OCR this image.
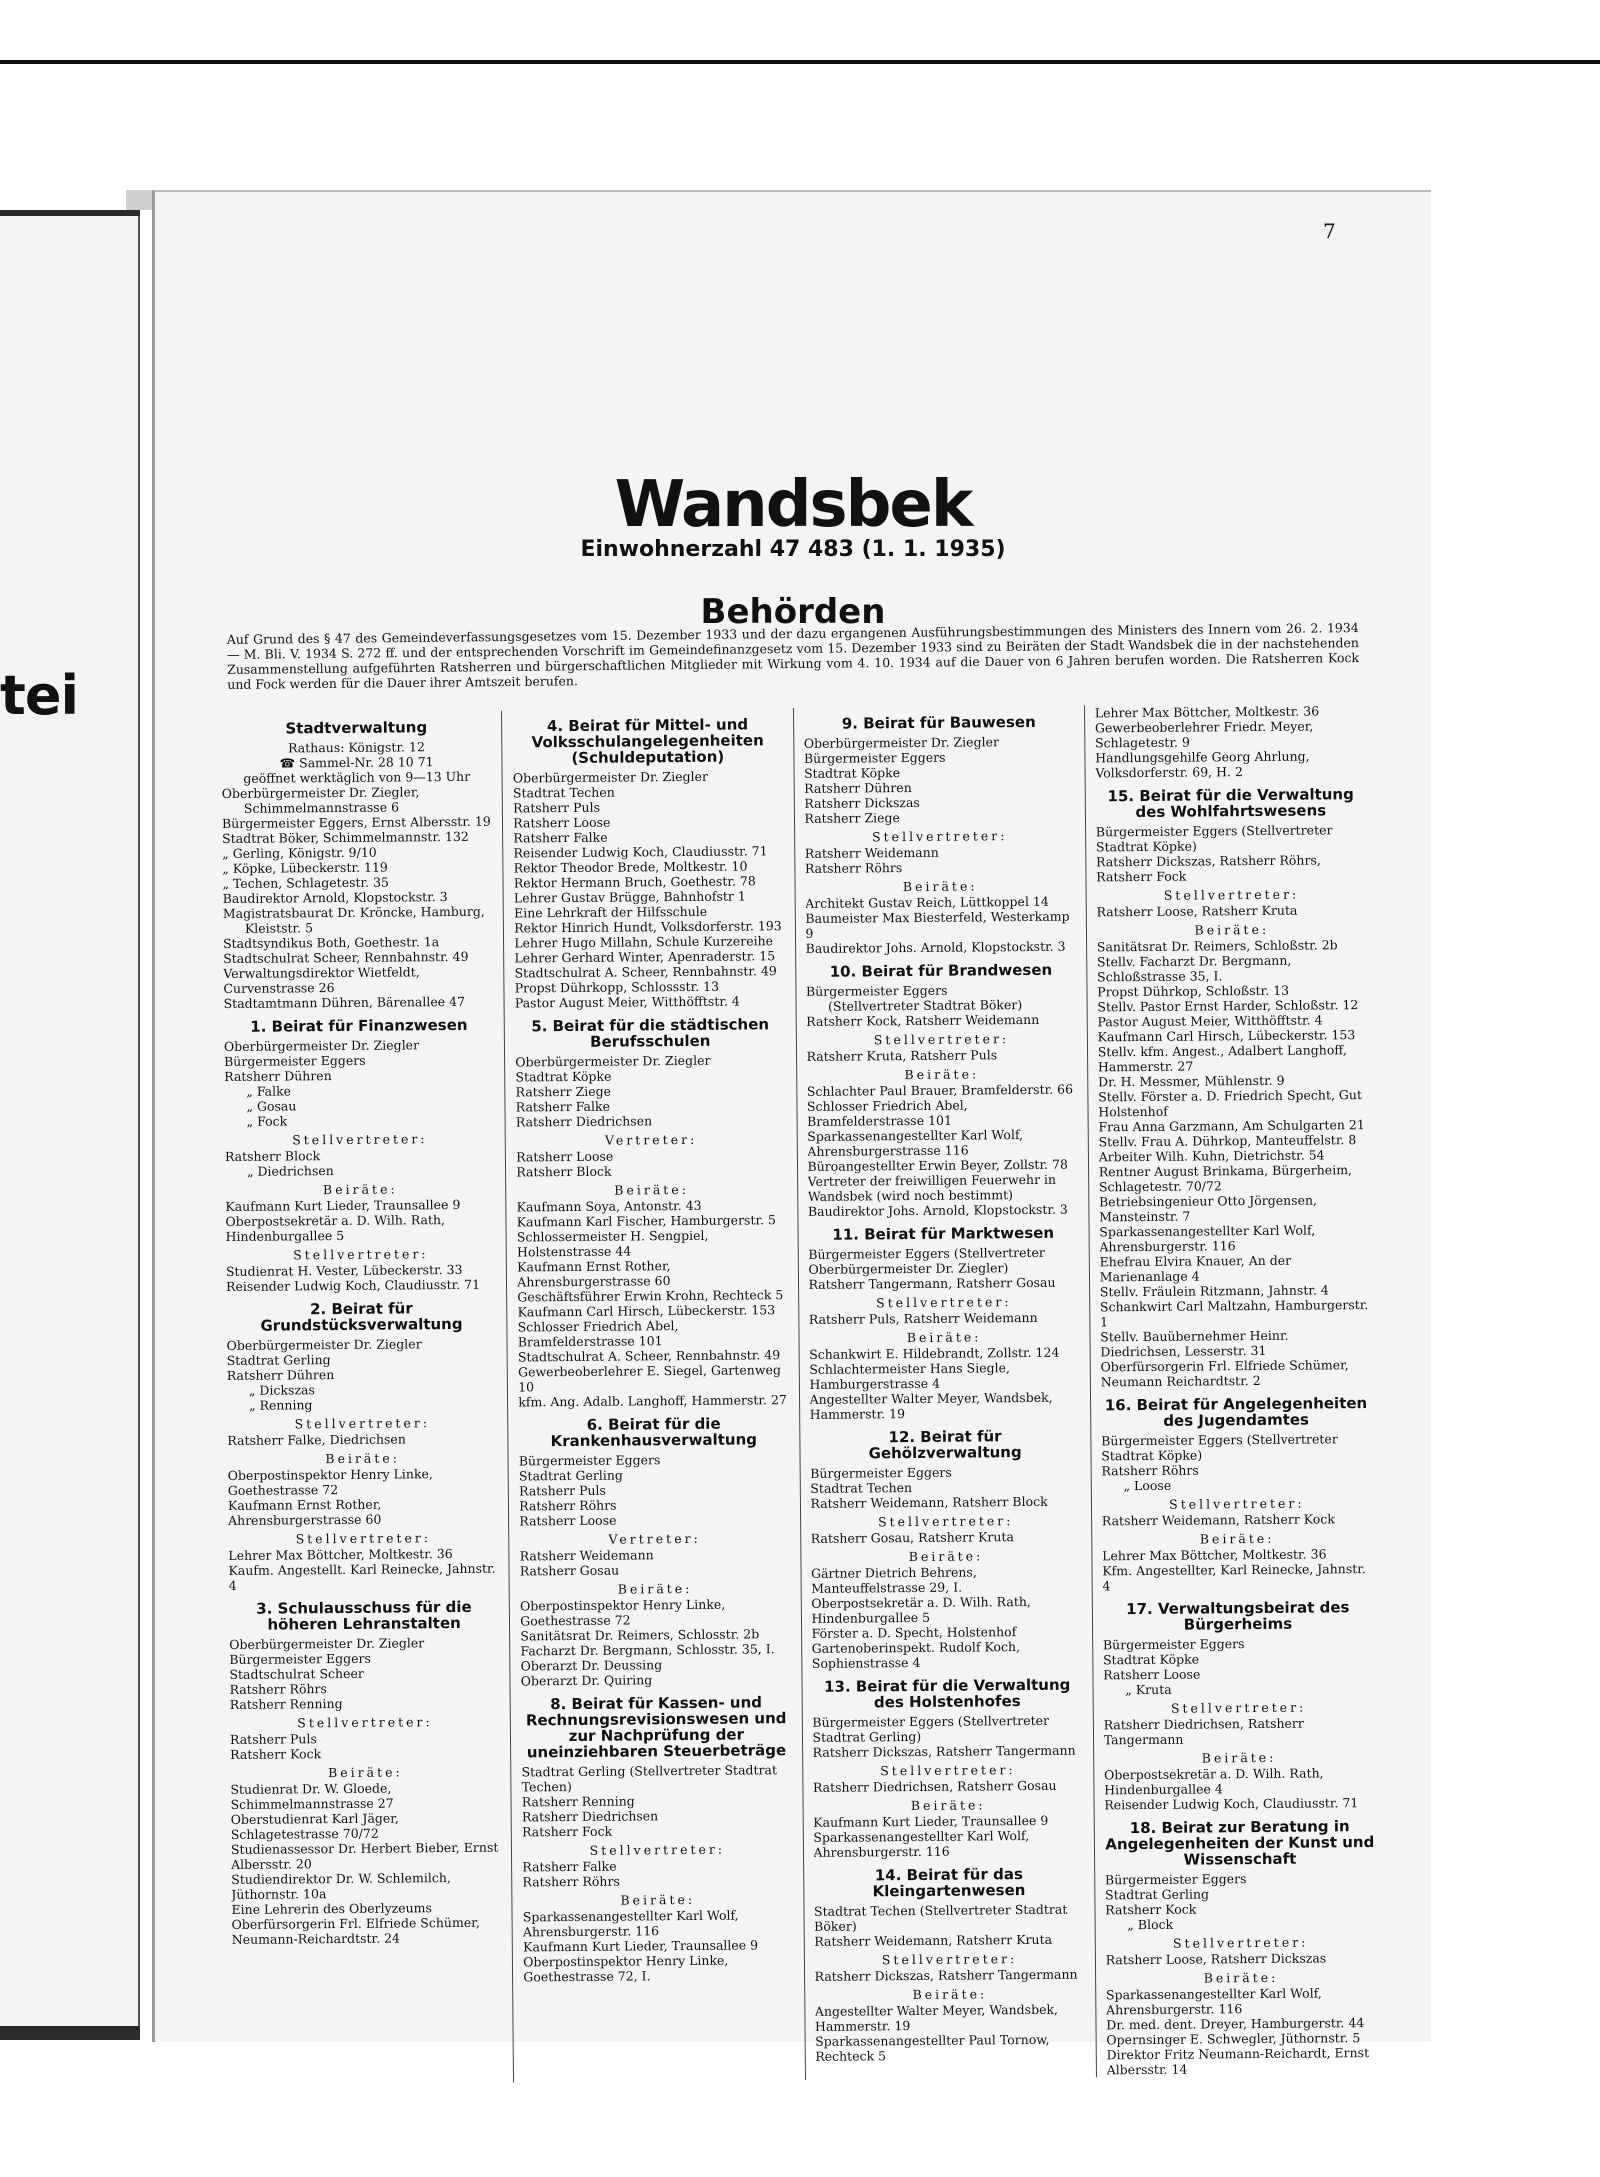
tei
7
Wandsbek
Einwohnerzahl 47 483 (1. 1. 1935)
Behörden
Auf Grund des § 47 des Gemeindeverfassungsgesetzes vom 15. Dezember 1933 und der dazu ergangenen Ausführungsbestimmungen des Ministers des Innern vom 26. 2. 1934 — M. Bli. V. 1934 S. 272 ff. und der entsprechenden Vorschrift im Gemeindefinanzgesetz vom 15. Dezember 1933 sind zu Beiräten der Stadt Wandsbek die in der nachstehenden Zusammenstellung aufgeführten Ratsherren und bürgerschaftlichen Mitglieder mit Wirkung vom 4. 10. 1934 auf die Dauer von 6 Jahren berufen worden. Die Ratsherren Kock und Fock werden für die Dauer ihrer Amtszeit berufen.
Stadtverwaltung
Rathaus: Königstr. 12
☎ Sammel-Nr. 28 10 71
geöffnet werktäglich von 9—13 Uhr
Oberbürgermeister Dr. Ziegler,
Schimmelmannstrasse 6
Bürgermeister Eggers, Ernst Albersstr. 19
Stadtrat Böker, Schimmelmannstr. 132
„ Gerling, Königstr. 9/10
„ Köpke, Lübeckerstr. 119
„ Techen, Schlagetestr. 35
Baudirektor Arnold, Klopstockstr. 3
Magistratsbaurat Dr. Kröncke, Hamburg,
Kleiststr. 5
Stadtsyndikus Both, Goethestr. 1a
Stadtschulrat Scheer, Rennbahnstr. 49
Verwaltungsdirektor Wietfeldt, Curvenstrasse 26
Stadtamtmann Dühren, Bärenallee 47
1. Beirat für Finanzwesen
Oberbürgermeister Dr. Ziegler
Bürgermeister Eggers
Ratsherr Dühren
„ Falke
„ Gosau
„ Fock
Stellvertreter:
Ratsherr Block
„ Diedrichsen
Beiräte:
Kaufmann Kurt Lieder, Traunsallee 9
Oberpostsekretär a. D. Wilh. Rath, Hindenburgallee 5
Stellvertreter:
Studienrat H. Vester, Lübeckerstr. 33
Reisender Ludwig Koch, Claudiusstr. 71
2. Beirat für Grundstücksverwaltung
Oberbürgermeister Dr. Ziegler
Stadtrat Gerling
Ratsherr Dühren
„ Dickszas
„ Renning
Stellvertreter:
Ratsherr Falke, Diedrichsen
Beiräte:
Oberpostinspektor Henry Linke, Goethestrasse 72
Kaufmann Ernst Rother, Ahrensburgerstrasse 60
Stellvertreter:
Lehrer Max Böttcher, Moltkestr. 36
Kaufm. Angestellt. Karl Reinecke, Jahnstr. 4
3. Schulausschuss für die höheren Lehranstalten
Oberbürgermeister Dr. Ziegler
Bürgermeister Eggers
Stadtschulrat Scheer
Ratsherr Röhrs
Ratsherr Renning
Stellvertreter:
Ratsherr Puls
Ratsherr Kock
Beiräte:
Studienrat Dr. W. Gloede, Schimmelmannstrasse 27
Oberstudienrat Karl Jäger, Schlagetestrasse 70/72
Studienassessor Dr. Herbert Bieber, Ernst Albersstr. 20
Studiendirektor Dr. W. Schlemilch, Jüthornstr. 10a
Eine Lehrerin des Oberlyzeums
Oberfürsorgerin Frl. Elfriede Schümer, Neumann-Reichardtstr. 24
4. Beirat für Mittel- und Volksschulangelegenheiten (Schuldeputation)
Oberbürgermeister Dr. Ziegler
Stadtrat Techen
Ratsherr Puls
Ratsherr Loose
Ratsherr Falke
Reisender Ludwig Koch, Claudiusstr. 71
Rektor Theodor Brede, Moltkestr. 10
Rektor Hermann Bruch, Goethestr. 78
Lehrer Gustav Brügge, Bahnhofstr 1
Eine Lehrkraft der Hilfsschule
Rektor Hinrich Hundt, Volksdorferstr. 193
Lehrer Hugo Millahn, Schule Kurzereihe
Lehrer Gerhard Winter, Apenraderstr. 15
Stadtschulrat A. Scheer, Rennbahnstr. 49
Propst Dührkopp, Schlossstr. 13
Pastor August Meier, Witthöfftstr. 4
5. Beirat für die städtischen Berufsschulen
Oberbürgermeister Dr. Ziegler
Stadtrat Köpke
Ratsherr Ziege
Ratsherr Falke
Ratsherr Diedrichsen
Vertreter:
Ratsherr Loose
Ratsherr Block
Beiräte:
Kaufmann Soya, Antonstr. 43
Kaufmann Karl Fischer, Hamburgerstr. 5
Schlossermeister H. Sengpiel, Holstenstrasse 44
Kaufmann Ernst Rother, Ahrensburgerstrasse 60
Geschäftsführer Erwin Krohn, Rechteck 5
Kaufmann Carl Hirsch, Lübeckerstr. 153
Schlosser Friedrich Abel, Bramfelderstrasse 101
Stadtschulrat A. Scheer, Rennbahnstr. 49
Gewerbeoberlehrer E. Siegel, Gartenweg 10
kfm. Ang. Adalb. Langhoff, Hammerstr. 27
6. Beirat für die Krankenhausverwaltung
Bürgermeister Eggers
Stadtrat Gerling
Ratsherr Puls
Ratsherr Röhrs
Ratsherr Loose
Vertreter:
Ratsherr Weidemann
Ratsherr Gosau
Beiräte:
Oberpostinspektor Henry Linke, Goethestrasse 72
Sanitätsrat Dr. Reimers, Schlosstr. 2b
Facharzt Dr. Bergmann, Schlosstr. 35, I.
Oberarzt Dr. Deussing
Oberarzt Dr. Quiring
8. Beirat für Kassen- und Rechnungsrevisionswesen und zur Nachprüfung der uneinziehbaren Steuerbeträge
Stadtrat Gerling (Stellvertreter Stadtrat Techen)
Ratsherr Renning
Ratsherr Diedrichsen
Ratsherr Fock
Stellvertreter:
Ratsherr Falke
Ratsherr Röhrs
Beiräte:
Sparkassenangestellter Karl Wolf, Ahrensburgerstr. 116
Kaufmann Kurt Lieder, Traunsallee 9
Oberpostinspektor Henry Linke, Goethestrasse 72, I.
9. Beirat für Bauwesen
Oberbürgermeister Dr. Ziegler
Bürgermeister Eggers
Stadtrat Köpke
Ratsherr Dühren
Ratsherr Dickszas
Ratsherr Ziege
Stellvertreter:
Ratsherr Weidemann
Ratsherr Röhrs
Beiräte:
Architekt Gustav Reich, Lüttkoppel 14
Baumeister Max Biesterfeld, Westerkamp 9
Baudirektor Johs. Arnold, Klopstockstr. 3
10. Beirat für Brandwesen
Bürgermeister Eggers
(Stellvertreter Stadtrat Böker)
Ratsherr Kock, Ratsherr Weidemann
Stellvertreter:
Ratsherr Kruta, Ratsherr Puls
Beiräte:
Schlachter Paul Brauer, Bramfelderstr. 66
Schlosser Friedrich Abel, Bramfelderstrasse 101
Sparkassenangestellter Karl Wolf, Ahrensburgerstrasse 116
Büroangestellter Erwin Beyer, Zollstr. 78
Vertreter der freiwilligen Feuerwehr in Wandsbek (wird noch bestimmt)
Baudirektor Johs. Arnold, Klopstockstr. 3
11. Beirat für Marktwesen
Bürgermeister Eggers (Stellvertreter Oberbürgermeister Dr. Ziegler)
Ratsherr Tangermann, Ratsherr Gosau
Stellvertreter:
Ratsherr Puls, Ratsherr Weidemann
Beiräte:
Schankwirt E. Hildebrandt, Zollstr. 124
Schlachtermeister Hans Siegle, Hamburgerstrasse 4
Angestellter Walter Meyer, Wandsbek, Hammerstr. 19
12. Beirat für Gehölzverwaltung
Bürgermeister Eggers
Stadtrat Techen
Ratsherr Weidemann, Ratsherr Block
Stellvertreter:
Ratsherr Gosau, Ratsherr Kruta
Beiräte:
Gärtner Dietrich Behrens, Manteuffelstrasse 29, I.
Oberpostsekretär a. D. Wilh. Rath, Hindenburgallee 5
Förster a. D. Specht, Holstenhof
Gartenoberinspekt. Rudolf Koch, Sophienstrasse 4
13. Beirat für die Verwaltung des Holstenhofes
Bürgermeister Eggers (Stellvertreter Stadtrat Gerling)
Ratsherr Dickszas, Ratsherr Tangermann
Stellvertreter:
Ratsherr Diedrichsen, Ratsherr Gosau
Beiräte:
Kaufmann Kurt Lieder, Traunsallee 9
Sparkassenangestellter Karl Wolf, Ahrensburgerstr. 116
14. Beirat für das Kleingartenwesen
Stadtrat Techen (Stellvertreter Stadtrat Böker)
Ratsherr Weidemann, Ratsherr Kruta
Stellvertreter:
Ratsherr Dickszas, Ratsherr Tangermann
Beiräte:
Angestellter Walter Meyer, Wandsbek, Hammerstr. 19
Sparkassenangestellter Paul Tornow, Rechteck 5
Lehrer Max Böttcher, Moltkestr. 36
Gewerbeoberlehrer Friedr. Meyer, Schlagetestr. 9
Handlungsgehilfe Georg Ahrlung, Volksdorferstr. 69, H. 2
15. Beirat für die Verwaltung des Wohlfahrtswesens
Bürgermeister Eggers (Stellvertreter Stadtrat Köpke)
Ratsherr Dickszas, Ratsherr Röhrs, Ratsherr Fock
Stellvertreter:
Ratsherr Loose, Ratsherr Kruta
Beiräte:
Sanitätsrat Dr. Reimers, Schloßstr. 2b
Stellv. Facharzt Dr. Bergmann, Schloßstrasse 35, I.
Propst Dührkop, Schloßstr. 13
Stellv. Pastor Ernst Harder, Schloßstr. 12
Pastor August Meier, Witthöfftstr. 4
Kaufmann Carl Hirsch, Lübeckerstr. 153
Stellv. kfm. Angest., Adalbert Langhoff, Hammerstr. 27
Dr. H. Messmer, Mühlenstr. 9
Stellv. Förster a. D. Friedrich Specht, Gut Holstenhof
Frau Anna Garzmann, Am Schulgarten 21
Stellv. Frau A. Dührkop, Manteuffelstr. 8
Arbeiter Wilh. Kuhn, Dietrichstr. 54
Rentner August Brinkama, Bürgerheim, Schlagetestr. 70/72
Betriebsingenieur Otto Jörgensen, Mansteinstr. 7
Sparkassenangestellter Karl Wolf, Ahrensburgerstr. 116
Ehefrau Elvira Knauer, An der Marienanlage 4
Stellv. Fräulein Ritzmann, Jahnstr. 4
Schankwirt Carl Maltzahn, Hamburgerstr. 1
Stellv. Bauübernehmer Heinr. Diedrichsen, Lesserstr. 31
Oberfürsorgerin Frl. Elfriede Schümer, Neumann Reichardtstr. 2
16. Beirat für Angelegenheiten des Jugendamtes
Bürgermeister Eggers (Stellvertreter Stadtrat Köpke)
Ratsherr Röhrs
„ Loose
Stellvertreter:
Ratsherr Weidemann, Ratsherr Kock
Beiräte:
Lehrer Max Böttcher, Moltkestr. 36
Kfm. Angestellter, Karl Reinecke, Jahnstr. 4
17. Verwaltungsbeirat des Bürgerheims
Bürgermeister Eggers
Stadtrat Köpke
Ratsherr Loose
„ Kruta
Stellvertreter:
Ratsherr Diedrichsen, Ratsherr Tangermann
Beiräte:
Oberpostsekretär a. D. Wilh. Rath, Hindenburgallee 4
Reisender Ludwig Koch, Claudiusstr. 71
18. Beirat zur Beratung in Angelegenheiten der Kunst und Wissenschaft
Bürgermeister Eggers
Stadtrat Gerling
Ratsherr Kock
„ Block
Stellvertreter:
Ratsherr Loose, Ratsherr Dickszas
Beiräte:
Sparkassenangestellter Karl Wolf, Ahrensburgerstr. 116
Dr. med. dent. Dreyer, Hamburgerstr. 44
Opernsinger E. Schwegler, Jüthornstr. 5
Direktor Fritz Neumann-Reichardt, Ernst Albersstr. 14
